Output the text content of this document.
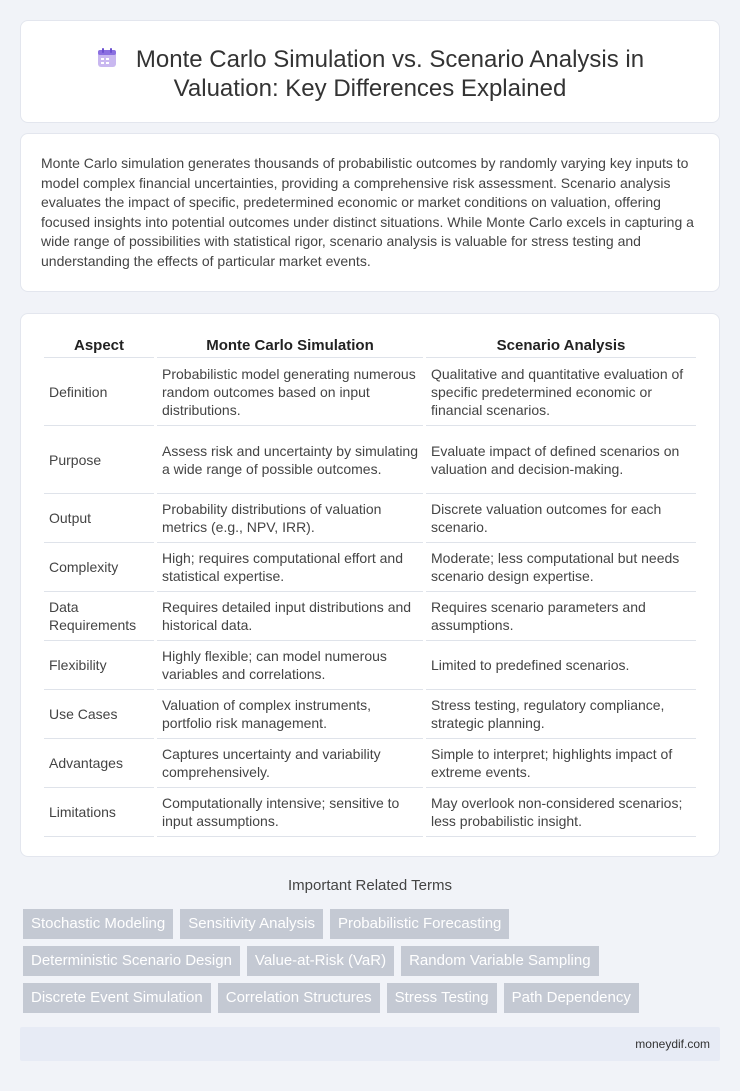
Monte Carlo Simulation vs. Scenario Analysis in
Valuation: Key Differences Explained

Monte Carlo simulation generates thousands of probabilistic outcomes by randomly varying key inputs to model complex financial uncertainties, providing a comprehensive risk assessment. Scenario analysis evaluates the impact of specific, predetermined economic or market conditions on valuation, offering focused insights into potential outcomes under distinct situations. While Monte Carlo excels in capturing a wide range of possibilities with statistical rigor, scenario analysis is valuable for stress testing and understanding the effects of particular market events.

Aspect	Monte Carlo Simulation	Scenario Analysis
Definition	Probabilistic model generating numerous random outcomes based on input distributions.	Qualitative and quantitative evaluation of specific predetermined economic or financial scenarios.
Purpose	Assess risk and uncertainty by simulating a wide range of possible outcomes.	Evaluate impact of defined scenarios on valuation and decision-making.
Output	Probability distributions of valuation metrics (e.g., NPV, IRR).	Discrete valuation outcomes for each scenario.
Complexity	High; requires computational effort and statistical expertise.	Moderate; less computational but needs scenario design expertise.
Data Requirements	Requires detailed input distributions and historical data.	Requires scenario parameters and assumptions.
Flexibility	Highly flexible; can model numerous variables and correlations.	Limited to predefined scenarios.
Use Cases	Valuation of complex instruments, portfolio risk management.	Stress testing, regulatory compliance, strategic planning.
Advantages	Captures uncertainty and variability comprehensively.	Simple to interpret; highlights impact of extreme events.
Limitations	Computationally intensive; sensitive to input assumptions.	May overlook non-considered scenarios; less probabilistic insight.
Important Related Terms
Stochastic Modeling	Sensitivity Analysis	Probabilistic Forecasting
Deterministic Scenario Design	Value-at-Risk (VaR)	Random Variable Sampling
Discrete Event Simulation	Correlation Structures	Stress Testing	Path Dependency
moneydif.com
